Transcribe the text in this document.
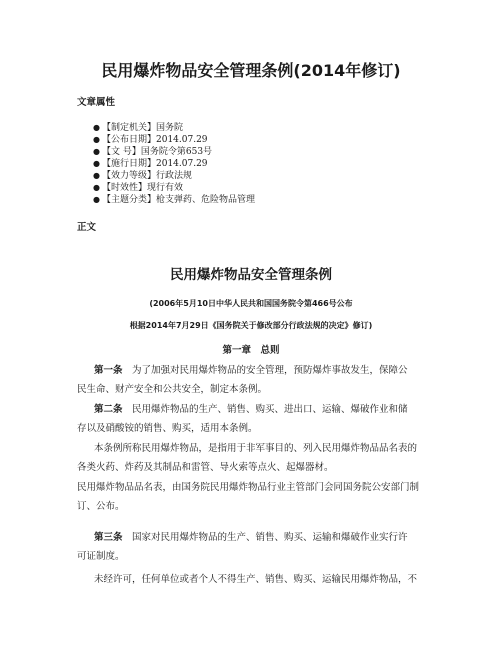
民用爆炸物品安全管理条例(2014年修订)
文章属性
● 【制定机关】国务院
● 【公布日期】2014.07.29
● 【文 号】国务院令第653号
● 【施行日期】2014.07.29
● 【效力等级】行政法规
● 【时效性】现行有效
● 【主题分类】枪支弹药、危险物品管理
正文
民用爆炸物品安全管理条例
(2006年5月10日中华人民共和国国务院令第466号公布
根据2014年7月29日《国务院关于修改部分行政法规的决定》修订)
第一章　总则
第一条　 为了加强对民用爆炸物品的安全管理，预防爆炸事故发生，保障公
民生命、财产安全和公共安全，制定本条例。
第二条　 民用爆炸物品的生产、销售、购买、进出口、运输、爆破作业和储
存以及硝酸铵的销售、购买，适用本条例。
本条例所称民用爆炸物品，是指用于非军事目的、列入民用爆炸物品品名表的
各类火药、炸药及其制品和雷管、导火索等点火、起爆器材。
民用爆炸物品品名表，由国务院民用爆炸物品行业主管部门会同国务院公安部门制
订、公布。
第三条　 国家对民用爆炸物品的生产、销售、购买、运输和爆破作业实行许
可证制度。
未经许可，任何单位或者个人不得生产、销售、购买、运输民用爆炸物品，不
